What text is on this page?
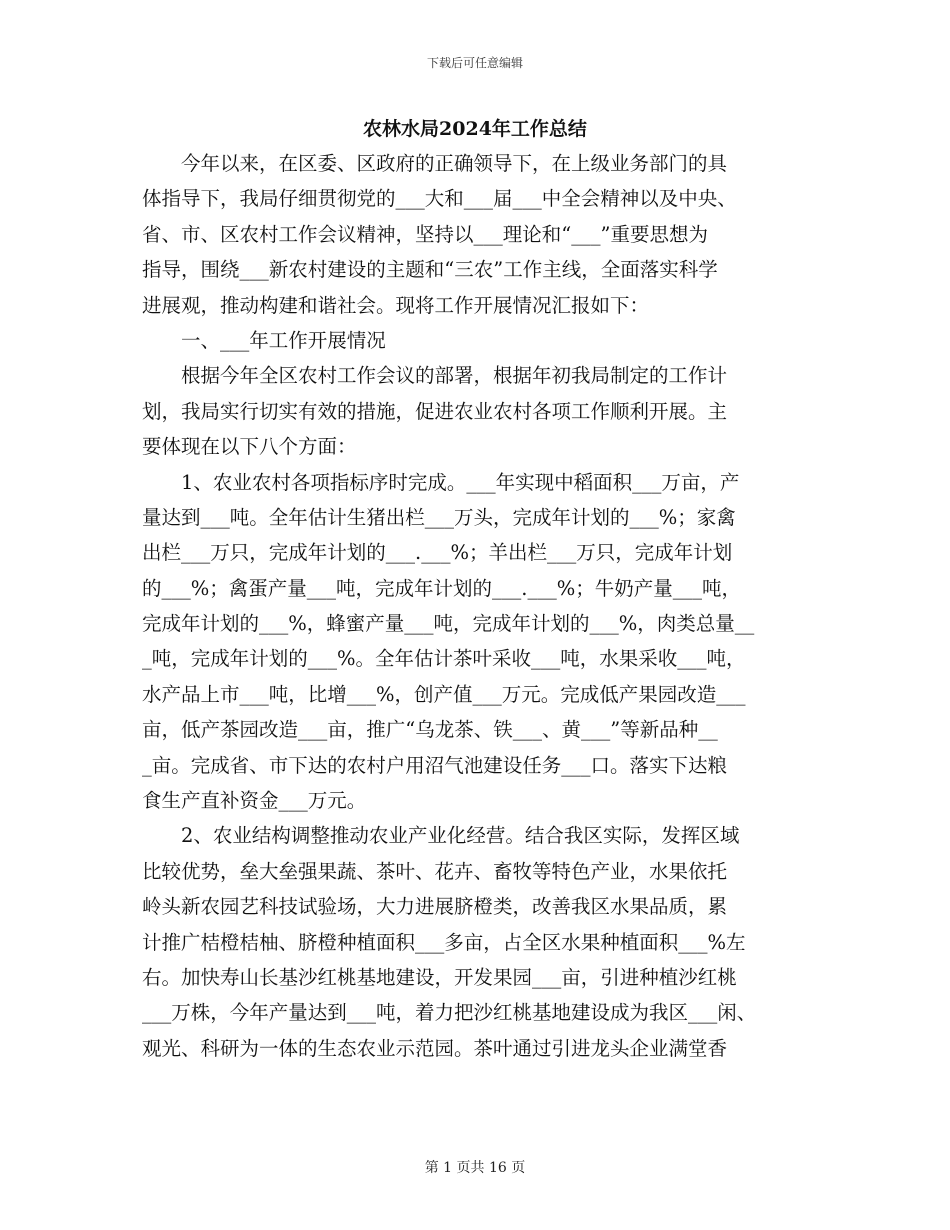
下载后可任意编辑
农林水局2024年工作总结
　　今年以来，在区委、区政府的正确领导下，在上级业务部门的具
体指导下，我局仔细贯彻党的___大和___届___中全会精神以及中央、
省、市、区农村工作会议精神，坚持以___理论和“___”重要思想为
指导，围绕___新农村建设的主题和“三农”工作主线，全面落实科学
进展观，推动构建和谐社会。现将工作开展情况汇报如下：
　　一、___年工作开展情况
　　根据今年全区农村工作会议的部署，根据年初我局制定的工作计
划，我局实行切实有效的措施，促进农业农村各项工作顺利开展。主
要体现在以下八个方面：
　　1、农业农村各项指标序时完成。___年实现中稻面积___万亩，产
量达到___吨。全年估计生猪出栏___万头，完成年计划的___%；家禽
出栏___万只，完成年计划的___.___%；羊出栏___万只，完成年计划
的___%；禽蛋产量___吨，完成年计划的___.___%；牛奶产量___吨，
完成年计划的___%，蜂蜜产量___吨，完成年计划的___%，肉类总量__
_吨，完成年计划的___%。全年估计茶叶采收___吨，水果采收___吨，
水产品上市___吨，比增___%，创产值___万元。完成低产果园改造___
亩，低产茶园改造___亩，推广“乌龙茶、铁___、黄___”等新品种__
_亩。完成省、市下达的农村户用沼气池建设任务___口。落实下达粮
食生产直补资金___万元。
　　2、农业结构调整推动农业产业化经营。结合我区实际，发挥区域
比较优势，垒大垒强果蔬、茶叶、花卉、畜牧等特色产业，水果依托
岭头新农园艺科技试验场，大力进展脐橙类，改善我区水果品质，累
计推广桔橙桔柚、脐橙种植面积___多亩，占全区水果种植面积___%左
右。加快寿山长基沙红桃基地建设，开发果园___亩，引进种植沙红桃
___万株，今年产量达到___吨，着力把沙红桃基地建设成为我区___闲、
观光、科研为一体的生态农业示范园。茶叶通过引进龙头企业满堂香
第 1 页共 16 页
